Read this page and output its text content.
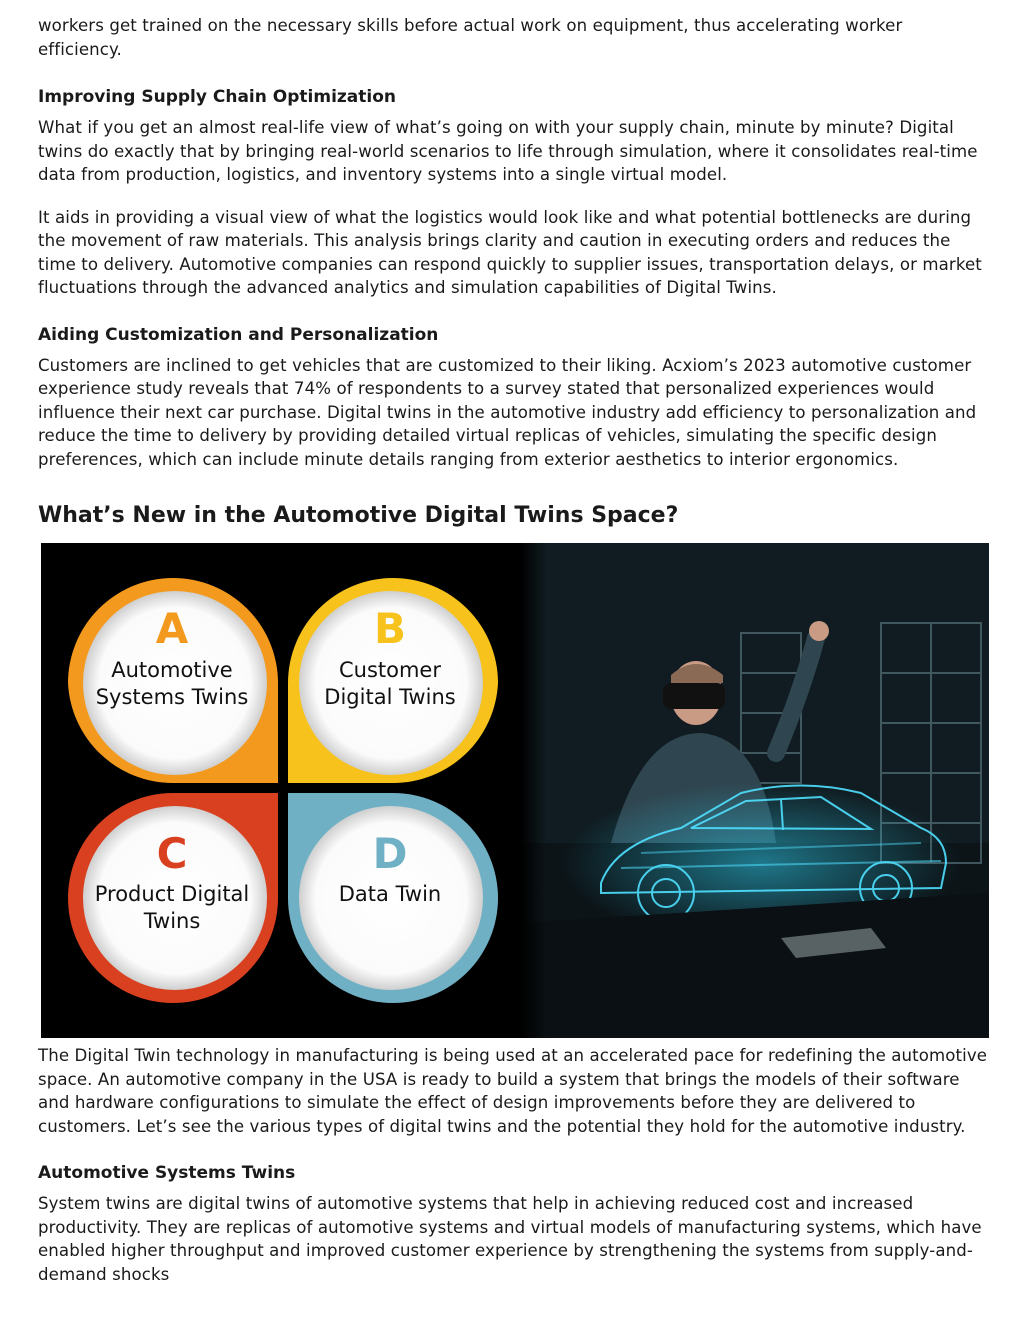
workers get trained on the necessary skills before actual work on equipment, thus accelerating worker efficiency.

Improving Supply Chain Optimization

What if you get an almost real-life view of what’s going on with your supply chain, minute by minute? Digital twins do exactly that by bringing real-world scenarios to life through simulation, where it consolidates real-time data from production, logistics, and inventory systems into a single virtual model.

It aids in providing a visual view of what the logistics would look like and what potential bottlenecks are during the movement of raw materials. This analysis brings clarity and caution in executing orders and reduces the time to delivery. Automotive companies can respond quickly to supplier issues, transportation delays, or market fluctuations through the advanced analytics and simulation capabilities of Digital Twins.

Aiding Customization and Personalization

Customers are inclined to get vehicles that are customized to their liking. Acxiom’s 2023 automotive customer experience study reveals that 74% of respondents to a survey stated that personalized experiences would influence their next car purchase. Digital twins in the automotive industry add efficiency to personalization and reduce the time to delivery by providing detailed virtual replicas of vehicles, simulating the specific design preferences, which can include minute details ranging from exterior aesthetics to interior ergonomics.

What’s New in the Automotive Digital Twins Space?
A
Automotive
Systems Twins
B
Customer
Digital Twins
C
Product Digital
Twins
D
Data Twin

The Digital Twin technology in manufacturing is being used at an accelerated pace for redefining the automotive space. An automotive company in the USA is ready to build a system that brings the models of their software and hardware configurations to simulate the effect of design improvements before they are delivered to customers. Let’s see the various types of digital twins and the potential they hold for the automotive industry.

Automotive Systems Twins

System twins are digital twins of automotive systems that help in achieving reduced cost and increased productivity. They are replicas of automotive systems and virtual models of manufacturing systems, which have enabled higher throughput and improved customer experience by strengthening the systems from supply-and-demand shocks
